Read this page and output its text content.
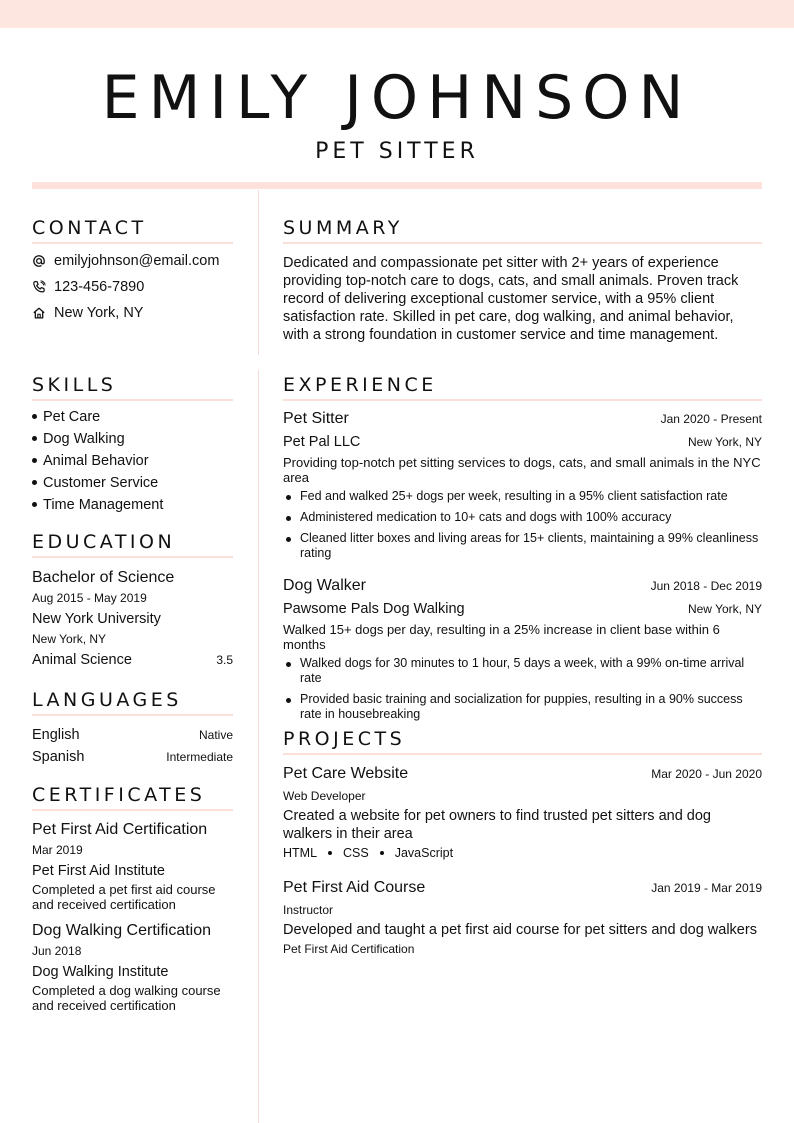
EMILY JOHNSON
PET SITTER
CONTACT
emilyjohnson@email.com
123-456-7890
New York, NY
SKILLS
Pet Care
Dog Walking
Animal Behavior
Customer Service
Time Management
EDUCATION
Bachelor of Science
Aug 2015 - May 2019
New York University
New York, NY
Animal Science	3.5
LANGUAGES
English	Native
Spanish	Intermediate
CERTIFICATES
Pet First Aid Certification
Mar 2019
Pet First Aid Institute
Completed a pet first aid course and received certification
Dog Walking Certification
Jun 2018
Dog Walking Institute
Completed a dog walking course and received certification
SUMMARY
Dedicated and compassionate pet sitter with 2+ years of experience providing top-notch care to dogs, cats, and small animals. Proven track record of delivering exceptional customer service, with a 95% client satisfaction rate. Skilled in pet care, dog walking, and animal behavior, with a strong foundation in customer service and time management.
EXPERIENCE
Pet Sitter	Jan 2020 - Present
Pet Pal LLC	New York, NY
Providing top-notch pet sitting services to dogs, cats, and small animals in the NYC area
Fed and walked 25+ dogs per week, resulting in a 95% client satisfaction rate
Administered medication to 10+ cats and dogs with 100% accuracy
Cleaned litter boxes and living areas for 15+ clients, maintaining a 99% cleanliness rating
Dog Walker	Jun 2018 - Dec 2019
Pawsome Pals Dog Walking	New York, NY
Walked 15+ dogs per day, resulting in a 25% increase in client base within 6 months
Walked dogs for 30 minutes to 1 hour, 5 days a week, with a 99% on-time arrival rate
Provided basic training and socialization for puppies, resulting in a 90% success rate in housebreaking
PROJECTS
Pet Care Website	Mar 2020 - Jun 2020
Web Developer
Created a website for pet owners to find trusted pet sitters and dog walkers in their area
HTML CSS JavaScript
Pet First Aid Course	Jan 2019 - Mar 2019
Instructor
Developed and taught a pet first aid course for pet sitters and dog walkers
Pet First Aid Certification
